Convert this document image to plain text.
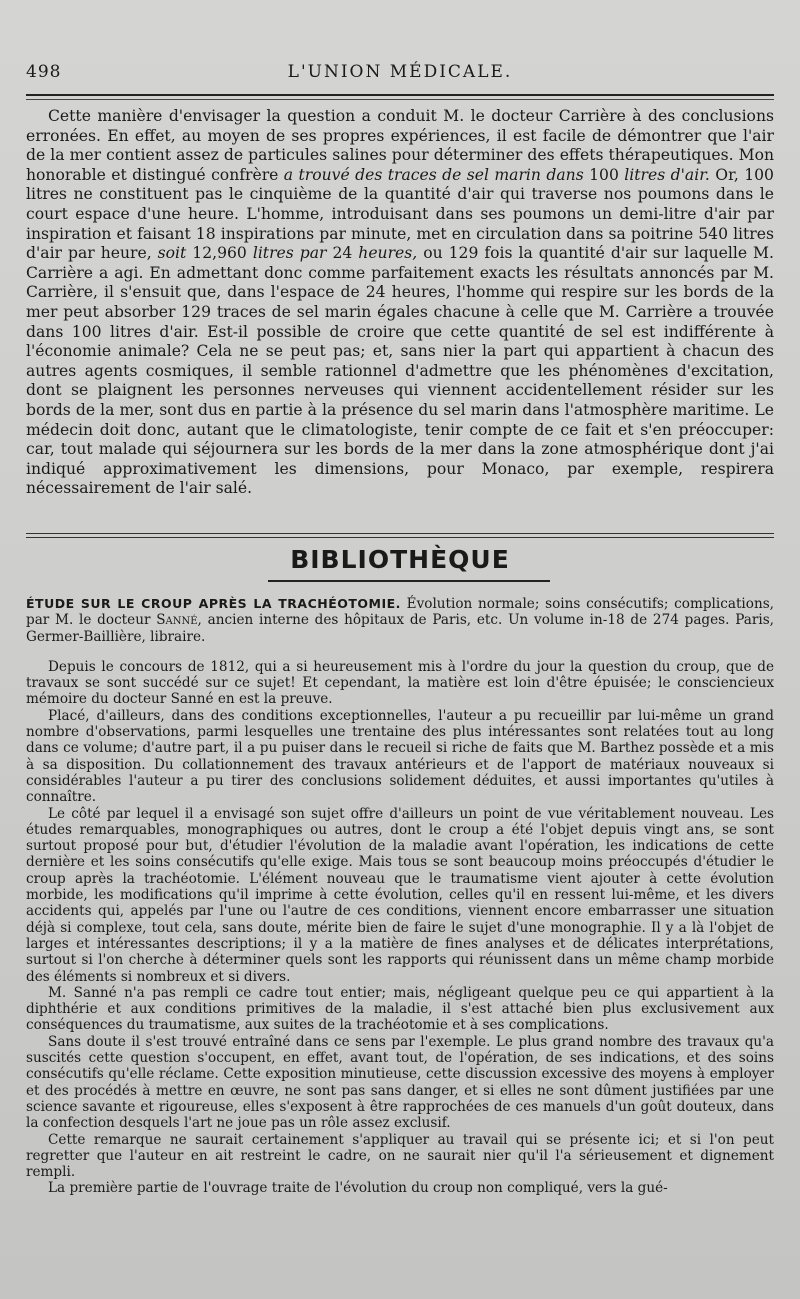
498	L'UNION MÉDICALE.

Cette manière d'envisager la question a conduit M. le docteur Carrière à des conclusions erronées. En effet, au moyen de ses propres expériences, il est facile de démontrer que l'air de la mer contient assez de particules salines pour déterminer des effets thérapeutiques. Mon honorable et distingué confrère a trouvé des traces de sel marin dans 100 litres d'air. Or, 100 litres ne constituent pas le cinquième de la quantité d'air qui traverse nos poumons dans le court espace d'une heure. L'homme, introduisant dans ses poumons un demi-litre d'air par inspiration et faisant 18 inspirations par minute, met en circulation dans sa poitrine 540 litres d'air par heure, soit 12,960 litres par 24 heures, ou 129 fois la quantité d'air sur laquelle M. Carrière a agi. En admettant donc comme parfaitement exacts les résultats annoncés par M. Carrière, il s'ensuit que, dans l'espace de 24 heures, l'homme qui respire sur les bords de la mer peut absorber 129 traces de sel marin égales chacune à celle que M. Carrière a trouvée dans 100 litres d'air. Est-il possible de croire que cette quantité de sel est indifférente à l'économie animale? Cela ne se peut pas; et, sans nier la part qui appartient à chacun des autres agents cosmiques, il semble rationnel d'admettre que les phénomènes d'excitation, dont se plaignent les personnes nerveuses qui viennent accidentellement résider sur les bords de la mer, sont dus en partie à la présence du sel marin dans l'atmosphère maritime. Le médecin doit donc, autant que le climatologiste, tenir compte de ce fait et s'en préoccuper: car, tout malade qui séjournera sur les bords de la mer dans la zone atmosphérique dont j'ai indiqué approximativement les dimensions, pour Monaco, par exemple, respirera nécessairement de l'air salé.

BIBLIOTHÈQUE

ÉTUDE SUR LE CROUP APRÈS LA TRACHÉOTOMIE. Évolution normale; soins consécutifs; complications, par M. le docteur Sanné, ancien interne des hôpitaux de Paris, etc. Un volume in-18 de 274 pages. Paris, Germer-Baillière, libraire.

Depuis le concours de 1812, qui a si heureusement mis à l'ordre du jour la question du croup, que de travaux se sont succédé sur ce sujet! Et cependant, la matière est loin d'être épuisée; le consciencieux mémoire du docteur Sanné en est la preuve.

Placé, d'ailleurs, dans des conditions exceptionnelles, l'auteur a pu recueillir par lui-même un grand nombre d'observations, parmi lesquelles une trentaine des plus intéressantes sont relatées tout au long dans ce volume; d'autre part, il a pu puiser dans le recueil si riche de faits que M. Barthez possède et a mis à sa disposition. Du collationnement des travaux antérieurs et de l'apport de matériaux nouveaux si considérables l'auteur a pu tirer des conclusions solidement déduites, et aussi importantes qu'utiles à connaître.

Le côté par lequel il a envisagé son sujet offre d'ailleurs un point de vue véritablement nouveau. Les études remarquables, monographiques ou autres, dont le croup a été l'objet depuis vingt ans, se sont surtout proposé pour but, d'étudier l'évolution de la maladie avant l'opération, les indications de cette dernière et les soins consécutifs qu'elle exige. Mais tous se sont beaucoup moins préoccupés d'étudier le croup après la trachéotomie. L'élément nouveau que le traumatisme vient ajouter à cette évolution morbide, les modifications qu'il imprime à cette évolution, celles qu'il en ressent lui-même, et les divers accidents qui, appelés par l'une ou l'autre de ces conditions, viennent encore embarrasser une situation déjà si complexe, tout cela, sans doute, mérite bien de faire le sujet d'une monographie. Il y a là l'objet de larges et intéressantes descriptions; il y a la matière de fines analyses et de délicates interprétations, surtout si l'on cherche à déterminer quels sont les rapports qui réunissent dans un même champ morbide des éléments si nombreux et si divers.

M. Sanné n'a pas rempli ce cadre tout entier; mais, négligeant quelque peu ce qui appartient à la diphthérie et aux conditions primitives de la maladie, il s'est attaché bien plus exclusivement aux conséquences du traumatisme, aux suites de la trachéotomie et à ses complications.

Sans doute il s'est trouvé entraîné dans ce sens par l'exemple. Le plus grand nombre des travaux qu'a suscités cette question s'occupent, en effet, avant tout, de l'opération, de ses indications, et des soins consécutifs qu'elle réclame. Cette exposition minutieuse, cette discussion excessive des moyens à employer et des procédés à mettre en œuvre, ne sont pas sans danger, et si elles ne sont dûment justifiées par une science savante et rigoureuse, elles s'exposent à être rapprochées de ces manuels d'un goût douteux, dans la confection desquels l'art ne joue pas un rôle assez exclusif.

Cette remarque ne saurait certainement s'appliquer au travail qui se présente ici; et si l'on peut regretter que l'auteur en ait restreint le cadre, on ne saurait nier qu'il l'a sérieusement et dignement rempli.

La première partie de l'ouvrage traite de l'évolution du croup non compliqué, vers la gué-
